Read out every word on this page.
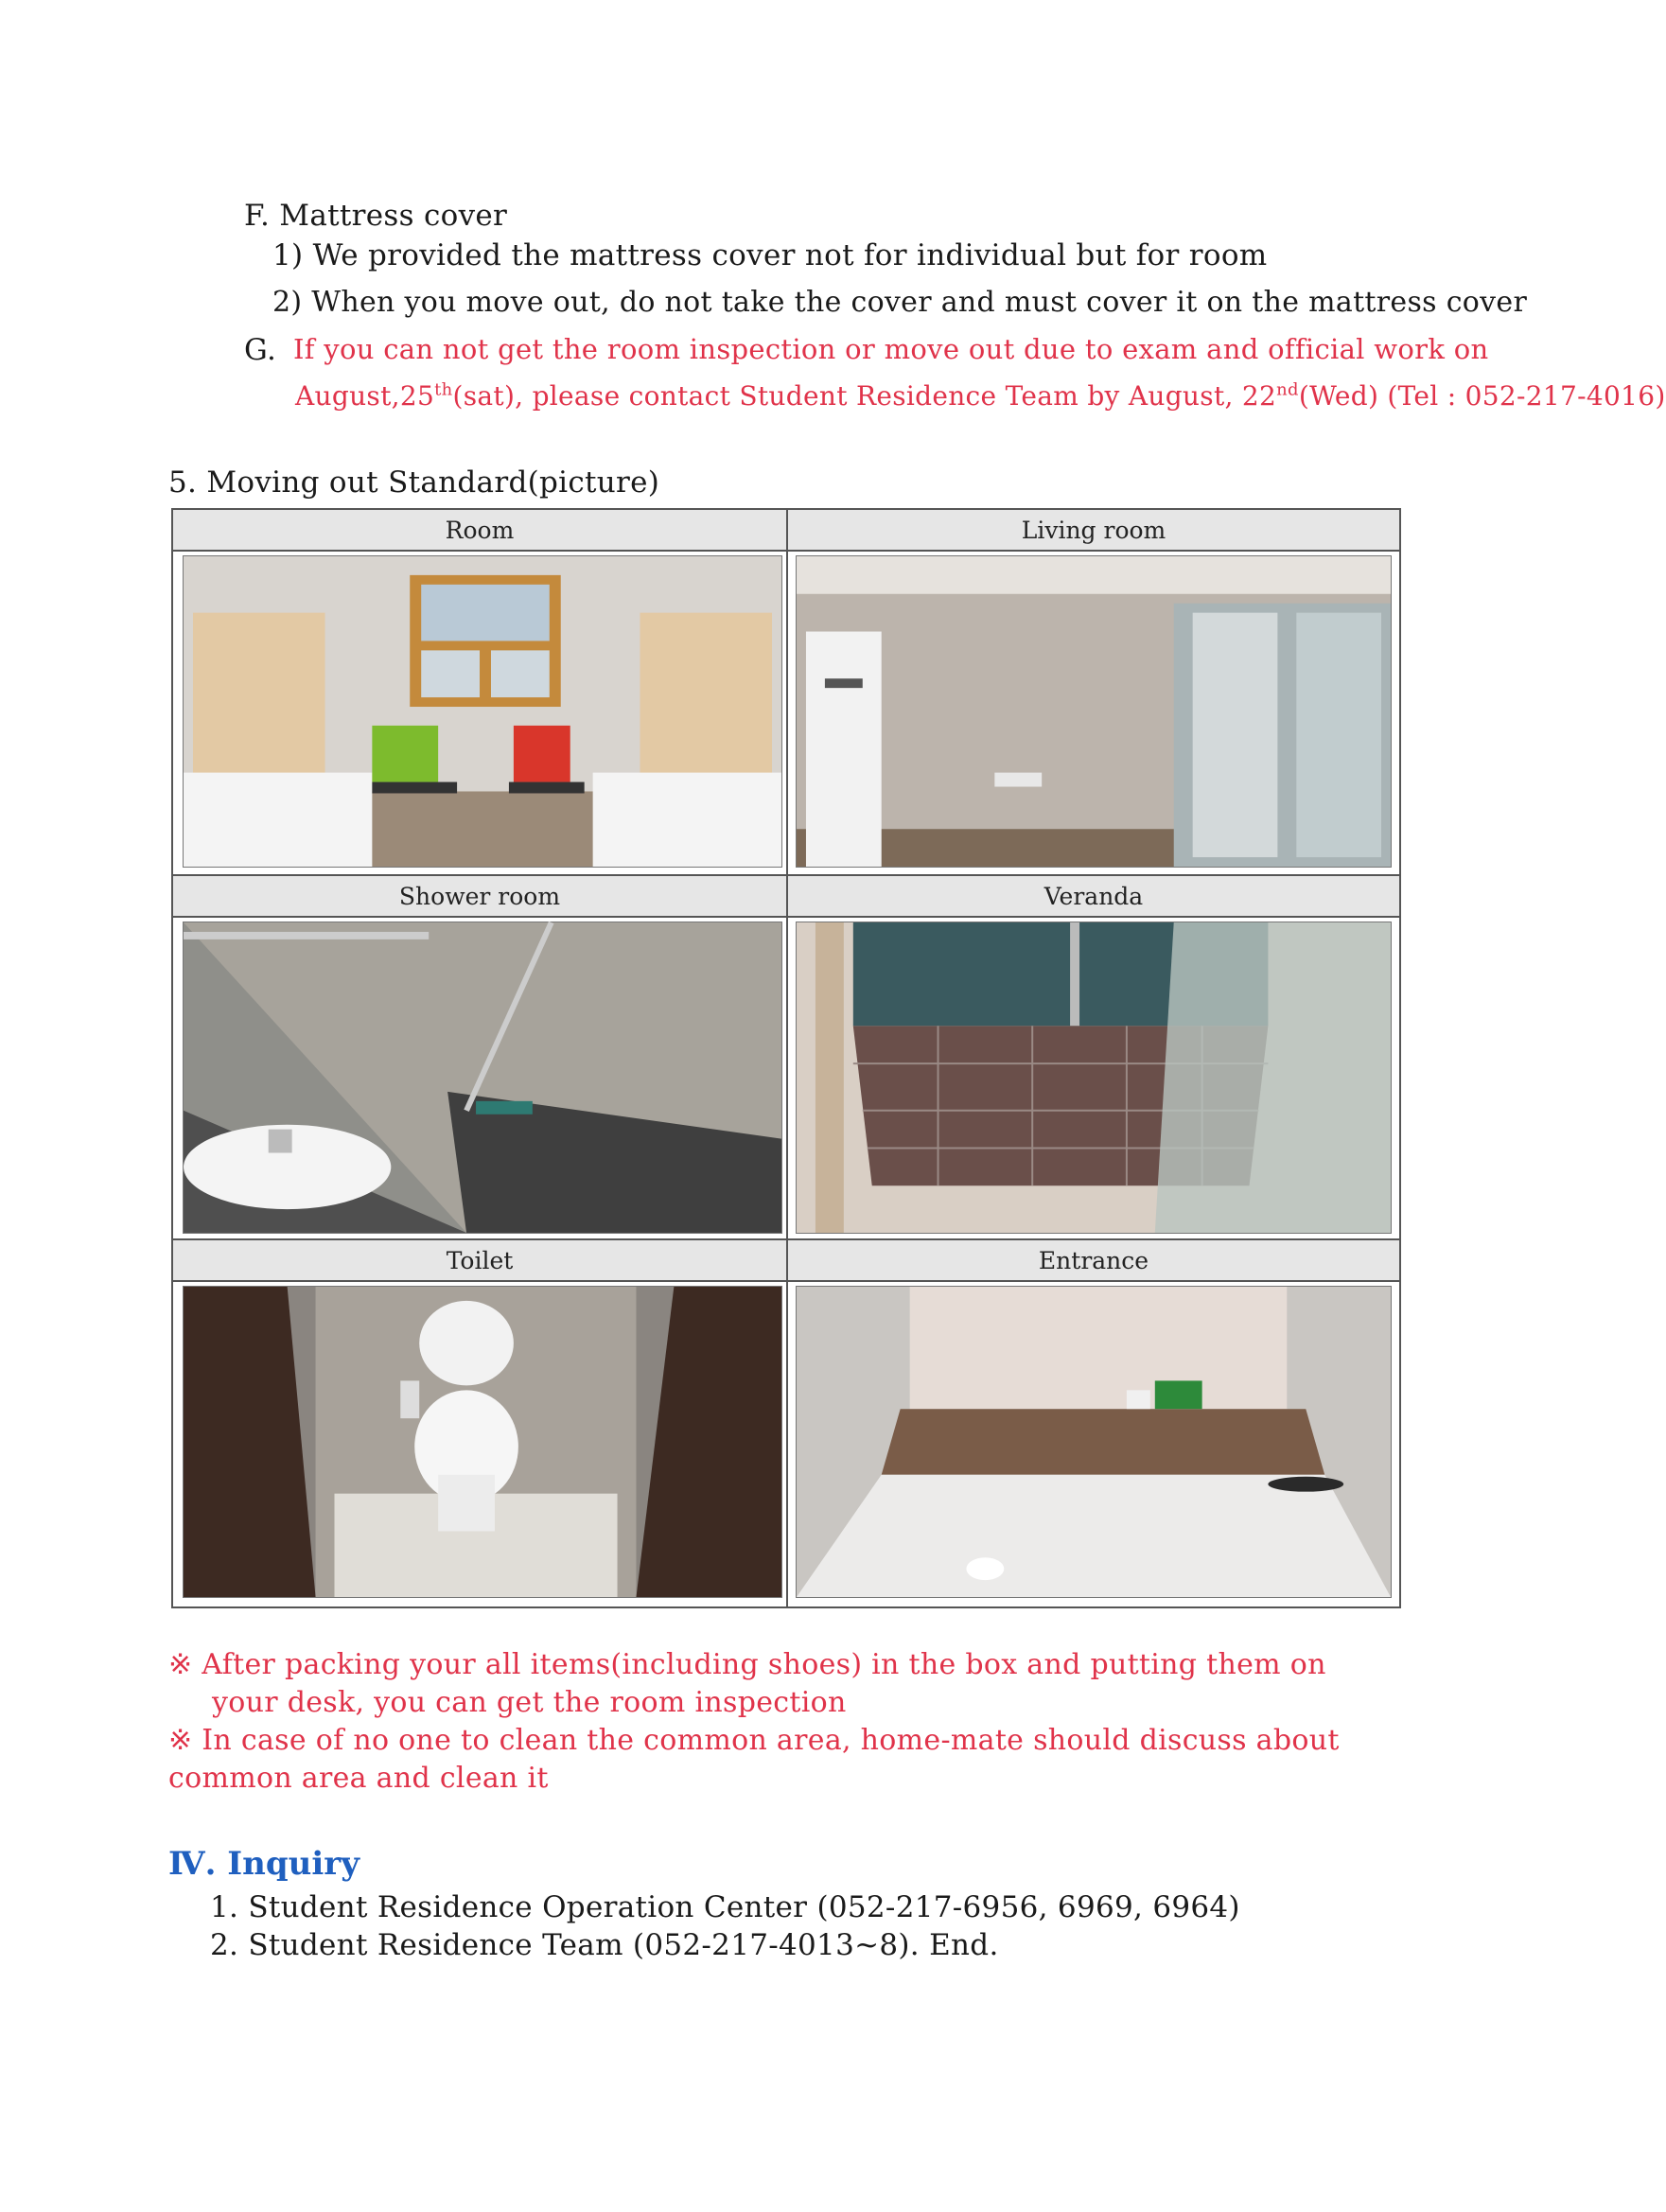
F. Mattress cover
1) We provided the mattress cover not for individual but for room
2) When you move out, do not take the cover and must cover it on the mattress cover
G. If you can not get the room inspection or move out due to exam and official work on
August,25th(sat), please contact Student Residence Team by August, 22nd(Wed) (Tel : 052-217-4016)
5. Moving out Standard(picture)
Room	Living room
Shower room	Veranda
Toilet	Entrance
※ After packing your all items(including shoes) in the box and putting them on
your desk, you can get the room inspection
※ In case of no one to clean the common area, home-mate should discuss about
common area and clean it
Ⅳ. Inquiry
1. Student Residence Operation Center (052-217-6956, 6969, 6964)
2. Student Residence Team (052-217-4013~8). End.
